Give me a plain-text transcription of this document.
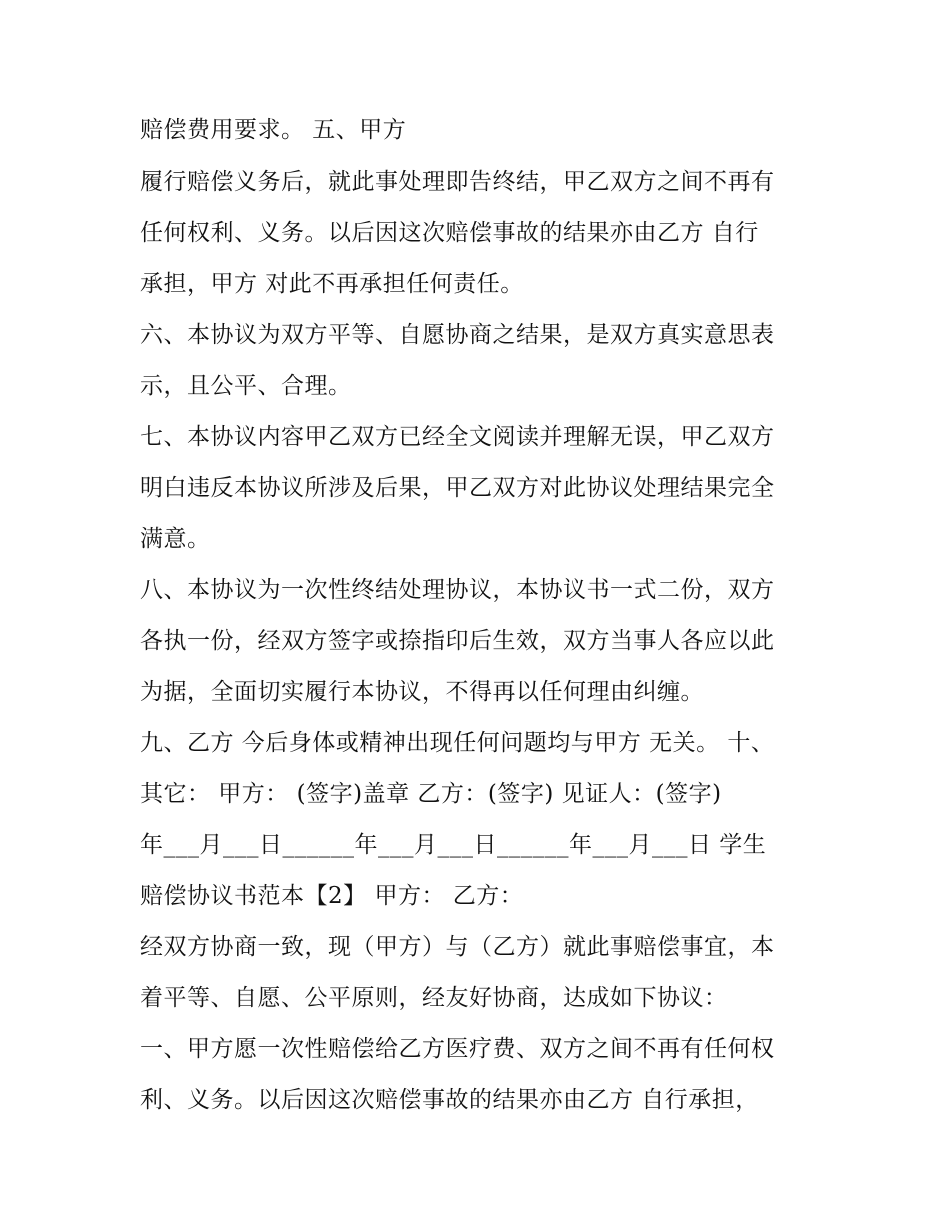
赔偿费用要求。 五、甲方

履行赔偿义务后，就此事处理即告终结，甲乙双方之间不再有

任何权利、义务。以后因这次赔偿事故的结果亦由乙方 自行

承担，甲方 对此不再承担任何责任。

六、本协议为双方平等、自愿协商之结果，是双方真实意思表

示，且公平、合理。

七、本协议内容甲乙双方已经全文阅读并理解无误，甲乙双方

明白违反本协议所涉及后果，甲乙双方对此协议处理结果完全

满意。

八、本协议为一次性终结处理协议，本协议书一式二份，双方

各执一份，经双方签字或捺指印后生效，双方当事人各应以此

为据，全面切实履行本协议，不得再以任何理由纠缠。

九、乙方 今后身体或精神出现任何问题均与甲方 无关。 十、

其它： 甲方： (签字)盖章 乙方：(签字) 见证人：(签字)

年___月___日______年___月___日______年___月___日 学生

赔偿协议书范本【2】 甲方： 乙方：

经双方协商一致，现（甲方）与（乙方）就此事赔偿事宜，本

着平等、自愿、公平原则，经友好协商，达成如下协议：

一、甲方愿一次性赔偿给乙方医疗费、双方之间不再有任何权

利、义务。以后因这次赔偿事故的结果亦由乙方 自行承担，
